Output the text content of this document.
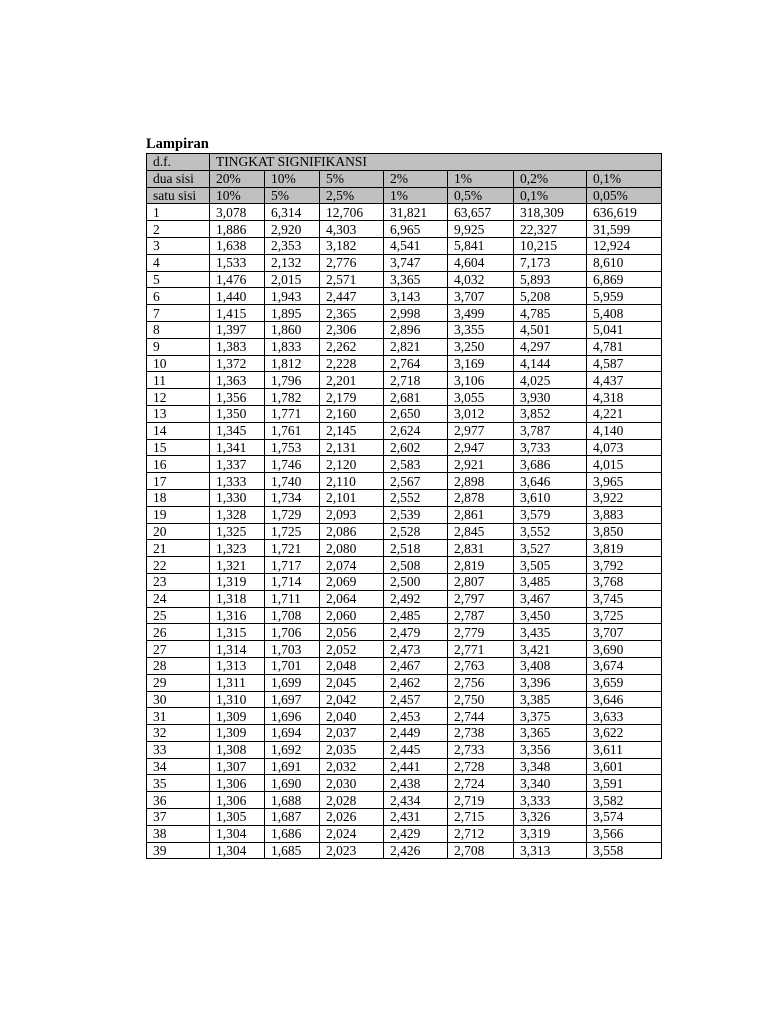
Lampiran
d.f.	TINGKAT SIGNIFIKANSI						
dua sisi	20%	10%	5%	2%	1%	0,2%	0,1%
satu sisi	10%	5%	2,5%	1%	0,5%	0,1%	0,05%
1	3,078	6,314	12,706	31,821	63,657	318,309	636,619
2	1,886	2,920	4,303	6,965	9,925	22,327	31,599
3	1,638	2,353	3,182	4,541	5,841	10,215	12,924
4	1,533	2,132	2,776	3,747	4,604	7,173	8,610
5	1,476	2,015	2,571	3,365	4,032	5,893	6,869
6	1,440	1,943	2,447	3,143	3,707	5,208	5,959
7	1,415	1,895	2,365	2,998	3,499	4,785	5,408
8	1,397	1,860	2,306	2,896	3,355	4,501	5,041
9	1,383	1,833	2,262	2,821	3,250	4,297	4,781
10	1,372	1,812	2,228	2,764	3,169	4,144	4,587
11	1,363	1,796	2,201	2,718	3,106	4,025	4,437
12	1,356	1,782	2,179	2,681	3,055	3,930	4,318
13	1,350	1,771	2,160	2,650	3,012	3,852	4,221
14	1,345	1,761	2,145	2,624	2,977	3,787	4,140
15	1,341	1,753	2,131	2,602	2,947	3,733	4,073
16	1,337	1,746	2,120	2,583	2,921	3,686	4,015
17	1,333	1,740	2,110	2,567	2,898	3,646	3,965
18	1,330	1,734	2,101	2,552	2,878	3,610	3,922
19	1,328	1,729	2,093	2,539	2,861	3,579	3,883
20	1,325	1,725	2,086	2,528	2,845	3,552	3,850
21	1,323	1,721	2,080	2,518	2,831	3,527	3,819
22	1,321	1,717	2,074	2,508	2,819	3,505	3,792
23	1,319	1,714	2,069	2,500	2,807	3,485	3,768
24	1,318	1,711	2,064	2,492	2,797	3,467	3,745
25	1,316	1,708	2,060	2,485	2,787	3,450	3,725
26	1,315	1,706	2,056	2,479	2,779	3,435	3,707
27	1,314	1,703	2,052	2,473	2,771	3,421	3,690
28	1,313	1,701	2,048	2,467	2,763	3,408	3,674
29	1,311	1,699	2,045	2,462	2,756	3,396	3,659
30	1,310	1,697	2,042	2,457	2,750	3,385	3,646
31	1,309	1,696	2,040	2,453	2,744	3,375	3,633
32	1,309	1,694	2,037	2,449	2,738	3,365	3,622
33	1,308	1,692	2,035	2,445	2,733	3,356	3,611
34	1,307	1,691	2,032	2,441	2,728	3,348	3,601
35	1,306	1,690	2,030	2,438	2,724	3,340	3,591
36	1,306	1,688	2,028	2,434	2,719	3,333	3,582
37	1,305	1,687	2,026	2,431	2,715	3,326	3,574
38	1,304	1,686	2,024	2,429	2,712	3,319	3,566
39	1,304	1,685	2,023	2,426	2,708	3,313	3,558
